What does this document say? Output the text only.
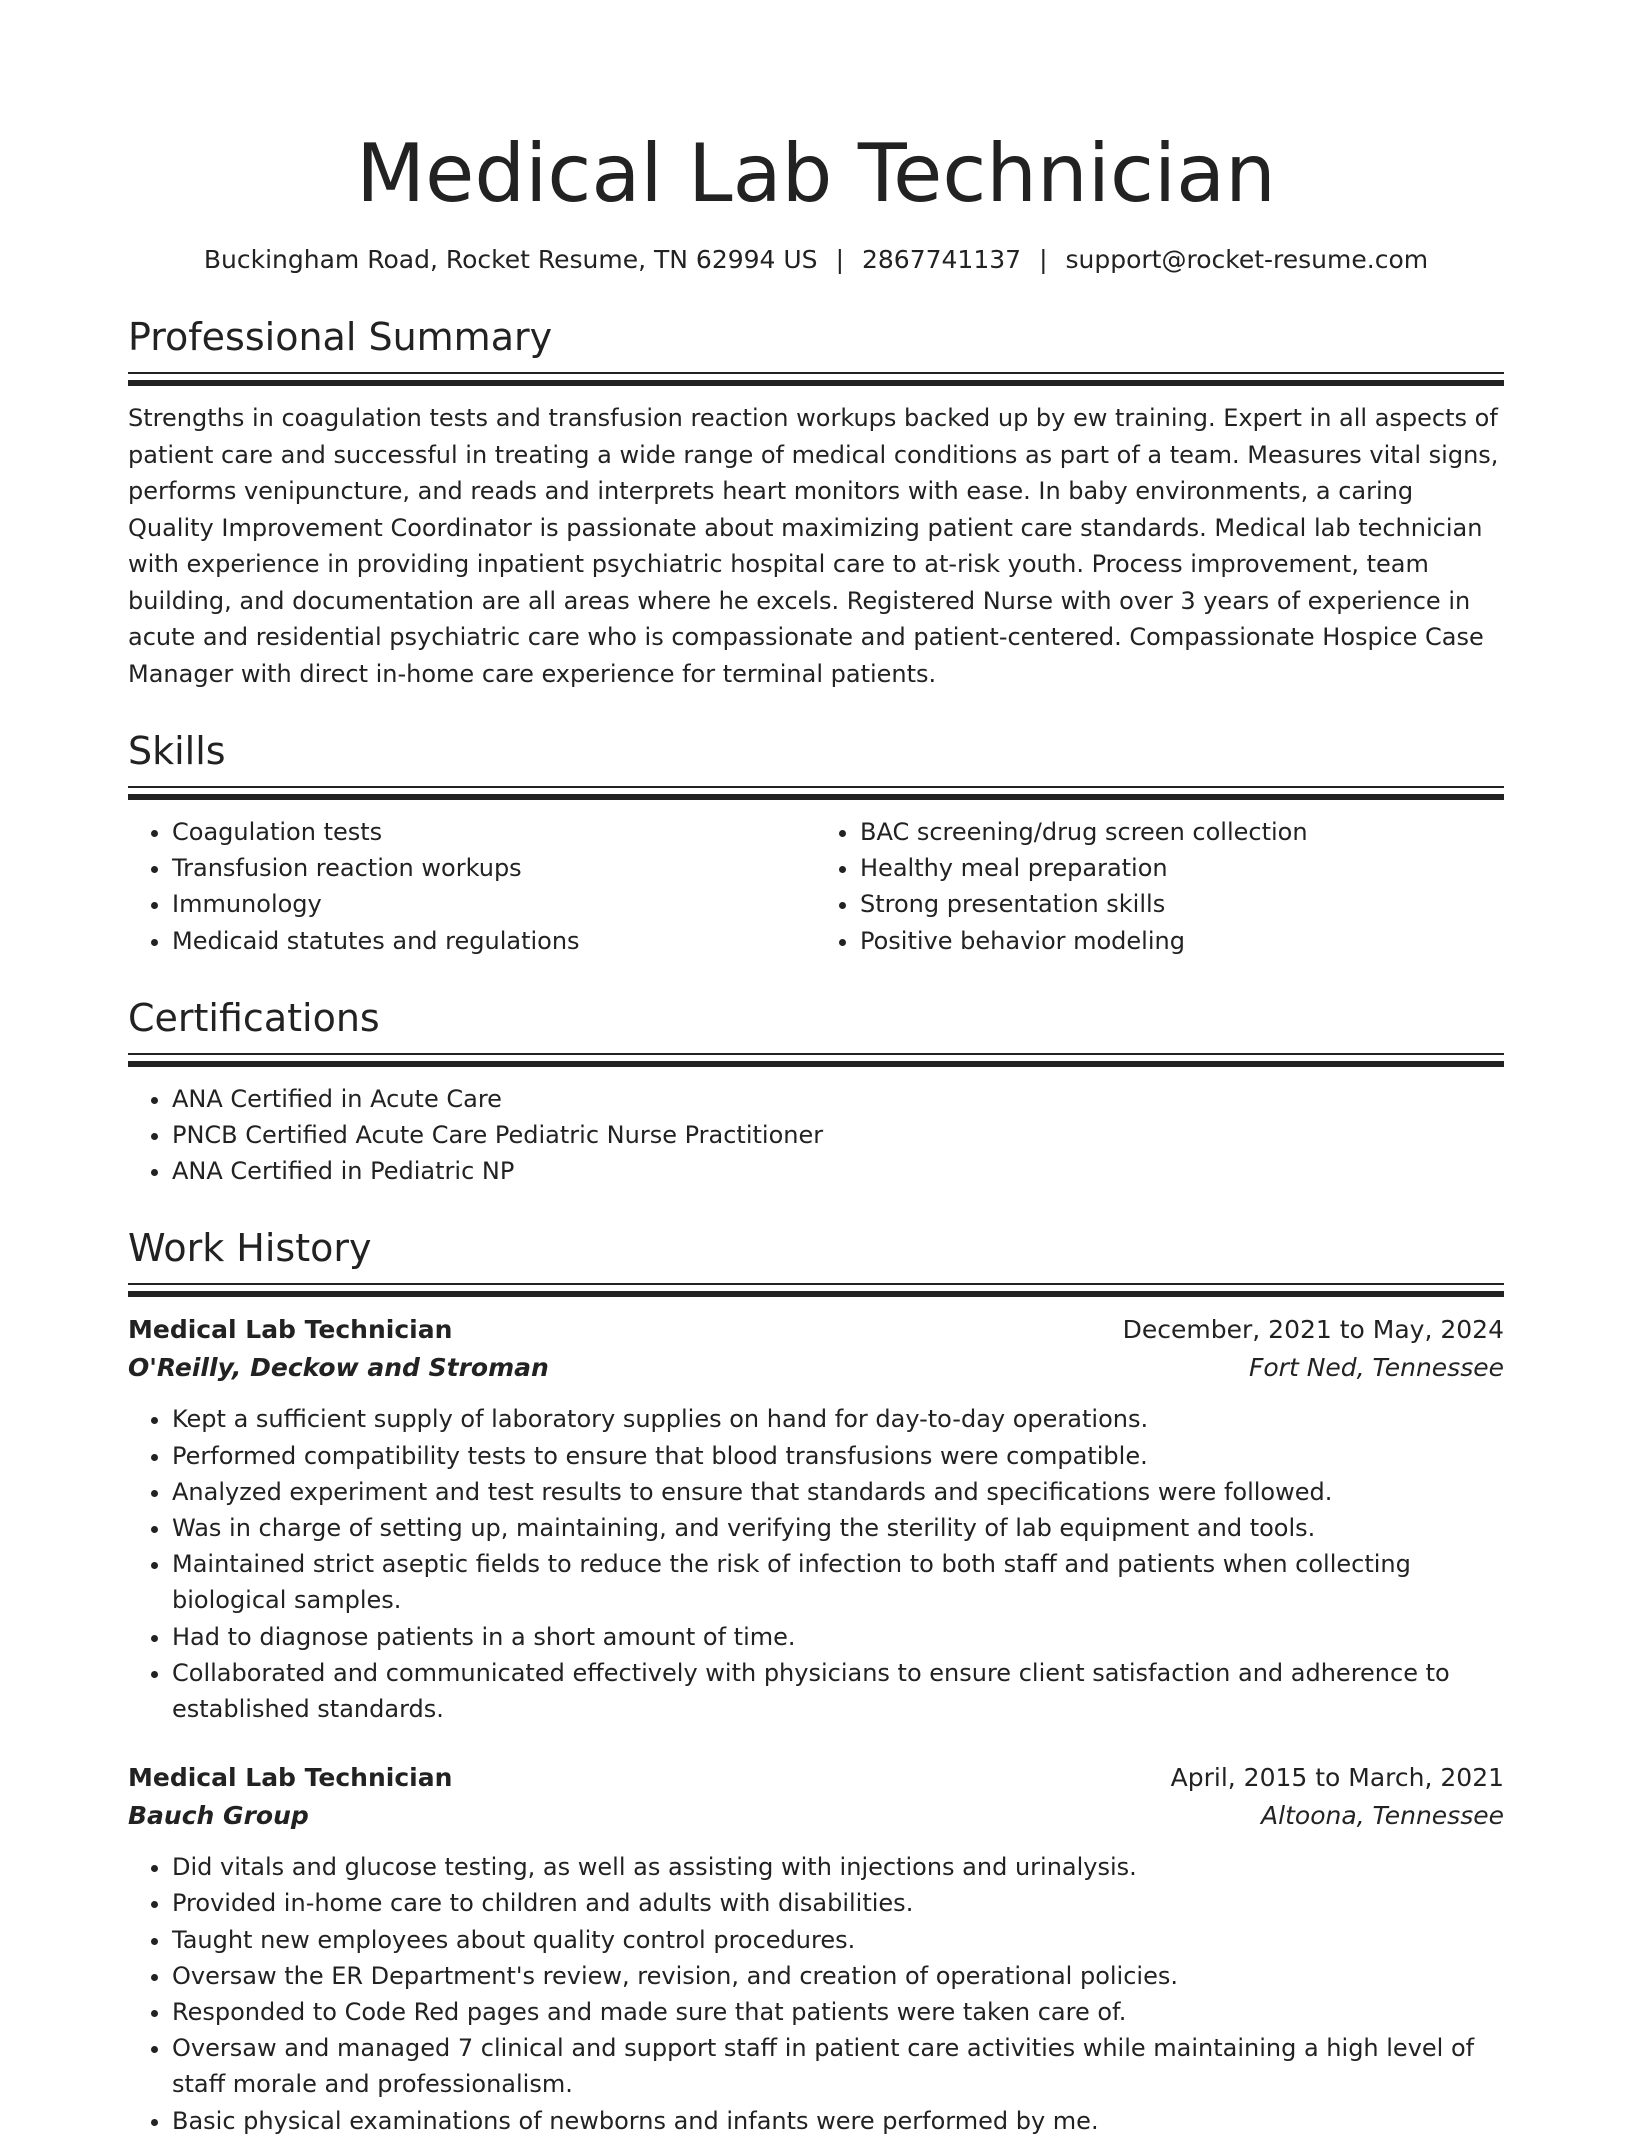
Medical Lab Technician
Buckingham Road, Rocket Resume, TN 62994 US | 2867741137 | support@rocket-resume.com
Professional Summary

Strengths in coagulation tests and transfusion reaction workups backed up by ew training. Expert in all aspects of patient care and successful in treating a wide range of medical conditions as part of a team. Measures vital signs, performs venipuncture, and reads and interprets heart monitors with ease. In baby environments, a caring Quality Improvement Coordinator is passionate about maximizing patient care standards. Medical lab technician with experience in providing inpatient psychiatric hospital care to at-risk youth. Process improvement, team building, and documentation are all areas where he excels. Registered Nurse with over 3 years of experience in acute and residential psychiatric care who is compassionate and patient-centered. Compassionate Hospice Case Manager with direct in-home care experience for terminal patients.

Skills
• Coagulation tests
• Transfusion reaction workups
• Immunology
• Medicaid statutes and regulations
• BAC screening/drug screen collection
• Healthy meal preparation
• Strong presentation skills
• Positive behavior modeling
Certifications
• ANA Certified in Acute Care
• PNCB Certified Acute Care Pediatric Nurse Practitioner
• ANA Certified in Pediatric NP
Work History
Medical Lab Technician	December, 2021 to May, 2024
O'Reilly, Deckow and Stroman	Fort Ned, Tennessee
• Kept a sufficient supply of laboratory supplies on hand for day-to-day operations.
• Performed compatibility tests to ensure that blood transfusions were compatible.
• Analyzed experiment and test results to ensure that standards and specifications were followed.
• Was in charge of setting up, maintaining, and verifying the sterility of lab equipment and tools.
• Maintained strict aseptic fields to reduce the risk of infection to both staff and patients when collecting biological samples.
• Had to diagnose patients in a short amount of time.
• Collaborated and communicated effectively with physicians to ensure client satisfaction and adherence to established standards.
Medical Lab Technician	April, 2015 to March, 2021
Bauch Group	Altoona, Tennessee
• Did vitals and glucose testing, as well as assisting with injections and urinalysis.
• Provided in-home care to children and adults with disabilities.
• Taught new employees about quality control procedures.
• Oversaw the ER Department's review, revision, and creation of operational policies.
• Responded to Code Red pages and made sure that patients were taken care of.
• Oversaw and managed 7 clinical and support staff in patient care activities while maintaining a high level of staff morale and professionalism.
• Basic physical examinations of newborns and infants were performed by me.
